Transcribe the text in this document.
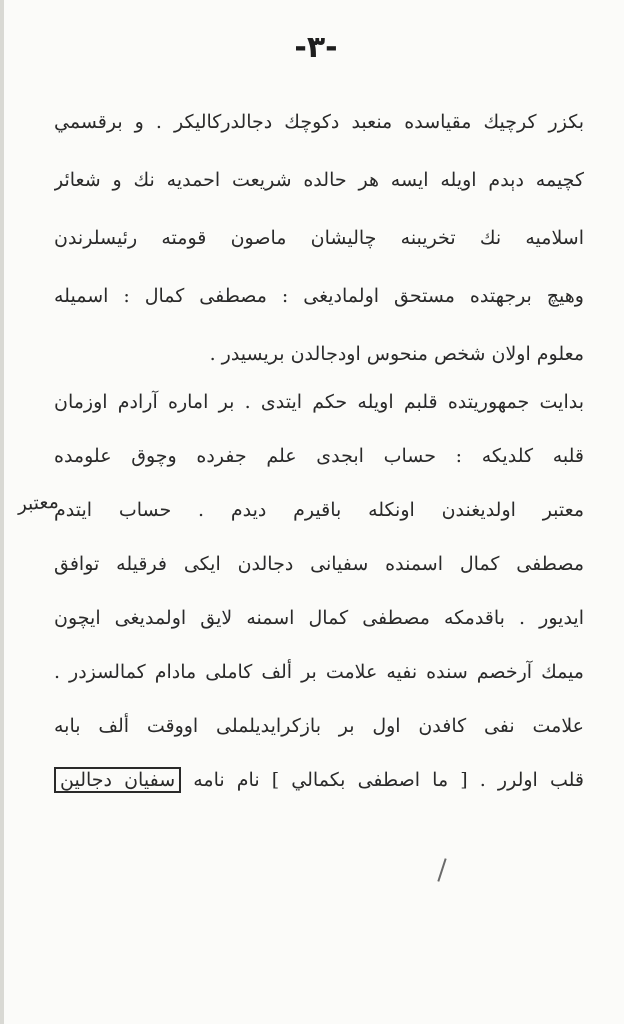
-٣-
بكزر كرچيك مقياسده منعبد دكوچك دجالدركاليكر . و برقسمي
كچيمه دېدم اويله ايسه هر حالده شريعت احمديه نك و شعائر
اسلاميه نك تخريبنه چاليشان ماصون قومته رئيسلرندن
وهيچ برجهتده مستحق اولماديغى : مصطفى كمال : اسميله
معلوم اولان شخص منحوس اودجالدن بريسيدر .
بدايت جمهوريتده قلبم اويله حكم ايتدى . بر اماره آرادم اوزمان
قلبه كلديكه : حساب ابجدى علم جفرده وچوق علومده
معتبر اولديغندن اونكله باقيرم ديدم . حساب ايتدم
مصطفى كمال اسمنده سفيانى دجالدن ايكى فرقيله توافق
ايديور . باقدمكه مصطفى كمال اسمنه لايق اولمديغى ايچون
ميمك آرخصم سنده نفيه علامت بر ألف كاملى مادام كمالسزدر .
علامت نفى كافدن اول بر بازكرايديلملى اووقت ألف بابه
قلب اولرر . [ ما اصطفى بكمالي ] نام نامه سفيان دجالين
معتبر
